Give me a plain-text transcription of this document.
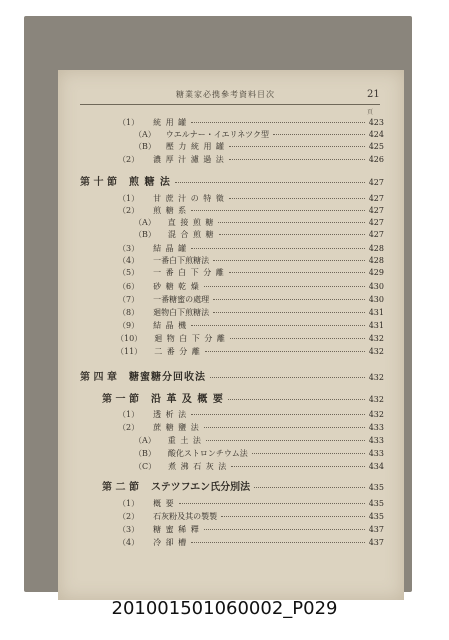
糖業家必携參考資料目次	21
頁
（1） 統 用 罐	423
（A） ウエルナー・イエリネツク型	424
（B） 壓 力 統 用 罐	425
（2） 濃 厚 汁 濾 過 法	426
第 十 節 煎 糖 法	427
（1） 甘 蔗 汁 の 特 徵	427
（2） 煎 糖 系	427
（A） 直 接 煎 糖	427
（B） 混 合 煎 糖	427
（3） 結 晶 罐	428
（4） 一番白下煎糖法	428
（5） 一 番 白 下 分 離	429
（6） 砂 糖 乾 燥	430
（7） 一番糖蜜の處理	430
（8） 廻物白下煎糖法	431
（9） 結 晶 機	431
（10） 廻 物 白 下 分 離	432
（11） 二 番 分 離	432
第 四 章 糖蜜糖分回收法	432
第 一 節 沿 革 及 概 要	432
（1） 透 析 法	432
（2） 蔗 糖 鹽 法	433
（A） 重 土 法	433
（B） 酸化ストロンチウム法	433
（C） 煮 沸 石 灰 法	434
第 二 節 ステツフエン氏分別法	435
（1） 槪 要	435
（2） 石灰粉及其の製製	435
（3） 糖 蜜 稀 釋	437
（4） 冷 卻 槽	437
201001501060002_P029
